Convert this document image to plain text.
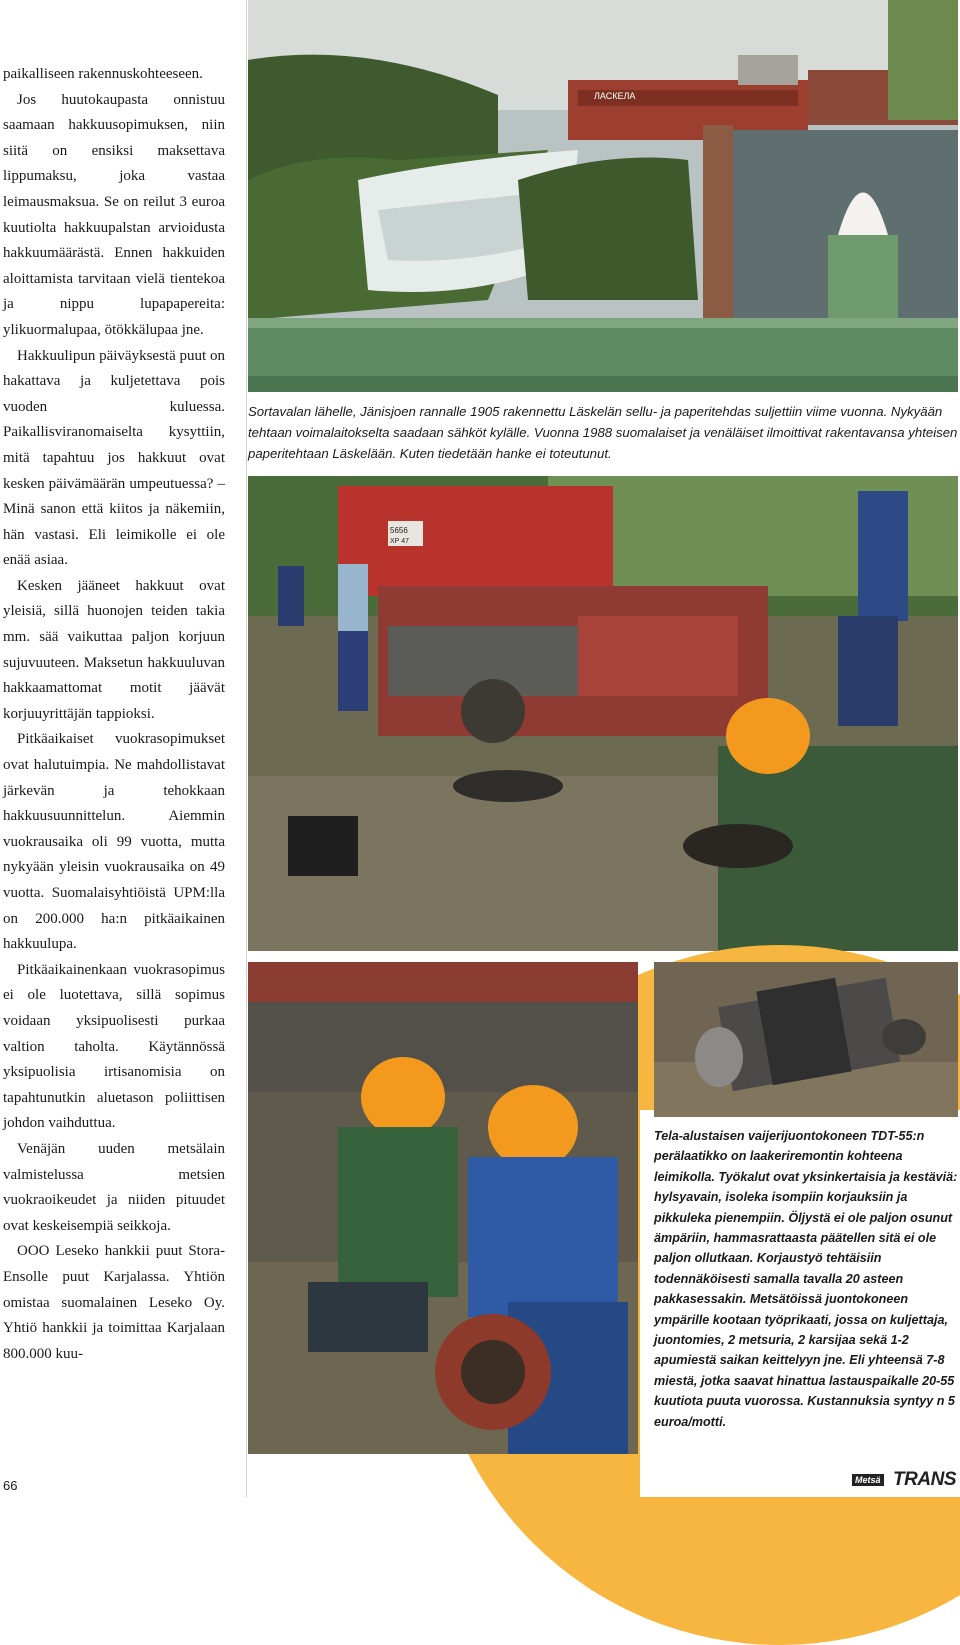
paikalliseen rakennuskohteeseen.

Jos huutokaupasta onnistuu saamaan hakkuusopimuksen, niin siitä on ensiksi maksettava lippumaksu, joka vastaa leimausmaksua. Se on reilut 3 euroa kuutiolta hakkuupalstan arvioidusta hakkuumäärästä. Ennen hakkuiden aloittamista tarvitaan vielä tientekoa ja nippu lupapapereita: ylikuormalupaa, ötökkälupaa jne.

Hakkuulipun päiväyksestä puut on hakattava ja kuljetettava pois vuoden kuluessa. Paikallisviranomaiselta kysyttiin, mitä tapahtuu jos hakkuut ovat kesken päivämäärän umpeutuessa? – Minä sanon että kiitos ja näkemiin, hän vastasi. Eli leimikolle ei ole enää asiaa.

Kesken jääneet hakkuut ovat yleisiä, sillä huonojen teiden takia mm. sää vaikuttaa paljon korjuun sujuvuuteen. Maksetun hakkuuluvan hakkaamattomat motit jäävät korjuuyrittäjän tappioksi.

Pitkäaikaiset vuokrasopimukset ovat halutuimpia. Ne mahdollistavat järkevän ja tehokkaan hakkuusuunnittelun. Aiemmin vuokrausaika oli 99 vuotta, mutta nykyään yleisin vuokrausaika on 49 vuotta. Suomalaisyhtiöistä UPM:lla on 200.000 ha:n pitkäaikainen hakkuulupa.

Pitkäaikainenkaan vuokrasopimus ei ole luotettava, sillä sopimus voidaan yksipuolisesti purkaa valtion taholta. Käytännössä yksipuolisia irtisanomisia on tapahtunutkin aluetason poliittisen johdon vaihduttua.

Venäjän uuden metsälain valmistelussa metsien vuokraoikeudet ja niiden pituudet ovat keskeisempiä seikkoja.

OOO Leseko hankkii puut Stora-Ensolle puut Karjalassa. Yhtiön omistaa suomalainen Leseko Oy. Yhtiö hankkii ja toimittaa Karjalaan 800.000 kuu-

ЛАСКЕЛА
Sortavalan lähelle, Jänisjoen rannalle 1905 rakennettu Läskelän sellu- ja paperitehdas suljettiin viime vuonna. Nykyään tehtaan voimalaitokselta saadaan sähköt kylälle. Vuonna 1988 suomalaiset ja venäläiset ilmoittivat rakentavansa yhteisen paperitehtaan Läskelään. Kuten tiedetään hanke ei toteutunut.
5656
ХР 47
Tela-alustaisen vaijerijuontokoneen TDT-55:n perälaatikko on laakeriremontin kohteena leimikolla. Työkalut ovat yksinkertaisia ja kestäviä: hylsyavain, isoleka isompiin korjauksiin ja pikkuleka pienempiin. Öljystä ei ole paljon osunut ämpäriin, hammasrattaasta päätellen sitä ei ole paljon ollutkaan. Korjaustyö tehtäisiin todennäköisesti samalla tavalla 20 asteen pakkasessakin. Metsätöissä juontokoneen ympärille kootaan työprikaati, jossa on kuljettaja, juontomies, 2 metsuria, 2 karsijaa sekä 1-2 apumiestä saikan keittelyyn jne. Eli yhteensä 7-8 miestä, jotka saavat hinattua lastauspaikalle 20-55 kuutiota puuta vuorossa. Kustannuksia syntyy n 5 euroa/motti.
66	Metsä TRANS
